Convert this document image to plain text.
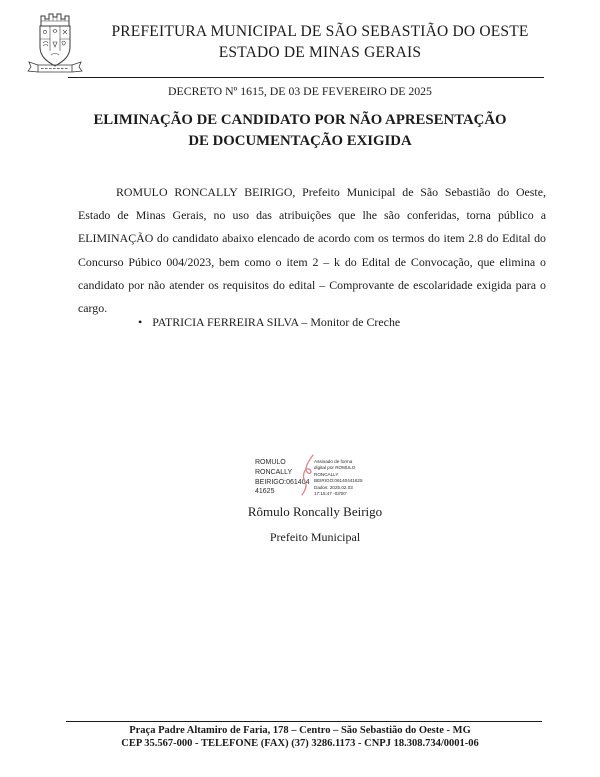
PREFEITURA MUNICIPAL DE SÃO SEBASTIÃO DO OESTE
ESTADO DE MINAS GERAIS
DECRETO Nº 1615, DE 03 DE FEVEREIRO DE 2025
ELIMINAÇÃO DE CANDIDATO POR NÃO APRESENTAÇÃO
DE DOCUMENTAÇÃO EXIGIDA
ROMULO RONCALLY BEIRIGO, Prefeito Municipal de São Sebastião do Oeste, Estado de Minas Gerais, no uso das atribuições que lhe são conferidas, torna público a ELIMINAÇÃO do candidato abaixo elencado de acordo com os termos do item 2.8 do Edital do Concurso Púbico 004/2023, bem como o item 2 – k do Edital de Convocação, que elimina o candidato por não atender os requisitos do edital – Comprovante de escolaridade exigida para o cargo.
• PATRICIA FERREIRA SILVA – Monitor de Creche
ROMULO
RONCALLY
BEIRIGO:061404
41625
Assinado de forma
digital por ROMULO
RONCALLY
BEIRIGO:06140441625
Dados: 2025.02.03
17:15:47 -03'00'
Rômulo Roncally Beirigo
Prefeito Municipal
Praça Padre Altamiro de Faria, 178 – Centro – São Sebastião do Oeste - MG
CEP 35.567-000 - TELEFONE (FAX) (37) 3286.1173 - CNPJ 18.308.734/0001-06
